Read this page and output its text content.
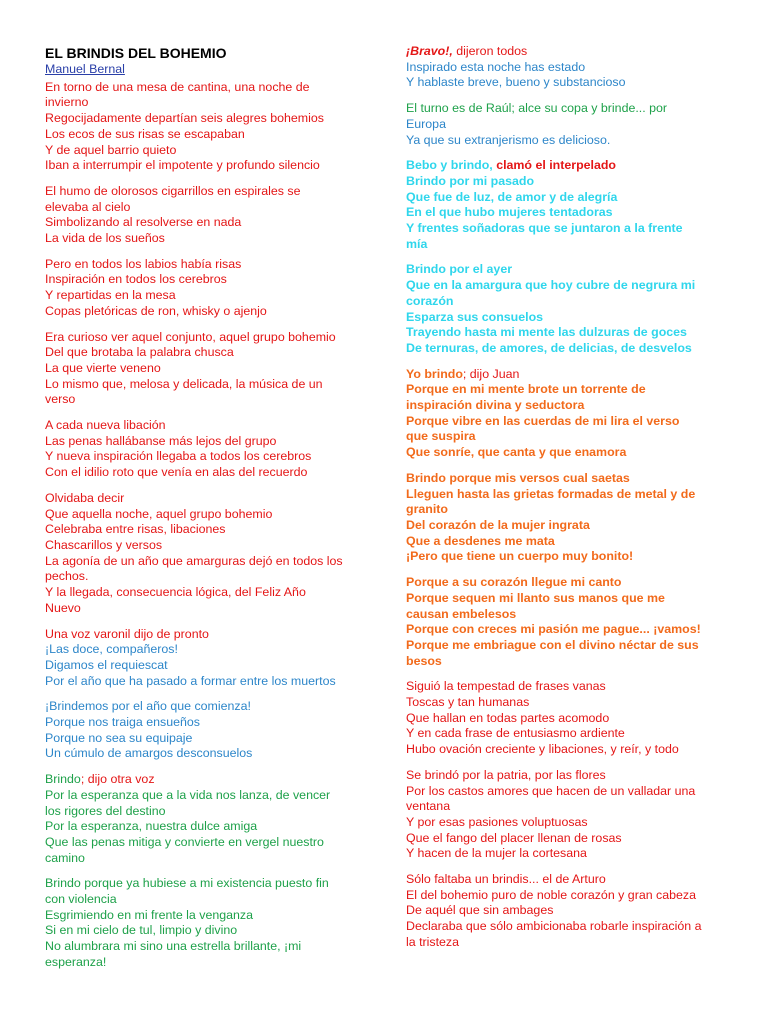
EL BRINDIS DEL BOHEMIO
Manuel Bernal
En torno de una mesa de cantina, una noche de
invierno
Regocijadamente departían seis alegres bohemios
Los ecos de sus risas se escapaban
Y de aquel barrio quieto
Iban a interrumpir el impotente y profundo silencio
El humo de olorosos cigarrillos en espirales se
elevaba al cielo
Simbolizando al resolverse en nada
La vida de los sueños
Pero en todos los labios había risas
Inspiración en todos los cerebros
Y repartidas en la mesa
Copas pletóricas de ron, whisky o ajenjo
Era curioso ver aquel conjunto, aquel grupo bohemio
Del que brotaba la palabra chusca
La que vierte veneno
Lo mismo que, melosa y delicada, la música de un
verso
A cada nueva libación
Las penas hallábanse más lejos del grupo
Y nueva inspiración llegaba a todos los cerebros
Con el idilio roto que venía en alas del recuerdo
Olvidaba decir
Que aquella noche, aquel grupo bohemio
Celebraba entre risas, libaciones
Chascarillos y versos
La agonía de un año que amarguras dejó en todos los
pechos.
Y la llegada, consecuencia lógica, del Feliz Año
Nuevo
Una voz varonil dijo de pronto
¡Las doce, compañeros!
Digamos el requiescat
Por el año que ha pasado a formar entre los muertos
¡Brindemos por el año que comienza!
Porque nos traiga ensueños
Porque no sea su equipaje
Un cúmulo de amargos desconsuelos
Brindo; dijo otra voz
Por la esperanza que a la vida nos lanza, de vencer
los rigores del destino
Por la esperanza, nuestra dulce amiga
Que las penas mitiga y convierte en vergel nuestro
camino
Brindo porque ya hubiese a mi existencia puesto fin
con violencia
Esgrimiendo en mi frente la venganza
Si en mi cielo de tul, limpio y divino
No alumbrara mi sino una estrella brillante, ¡mi
esperanza!
¡Bravo!, dijeron todos
Inspirado esta noche has estado
Y hablaste breve, bueno y substancioso
El turno es de Raúl; alce su copa y brinde... por
Europa
Ya que su extranjerismo es delicioso.
Bebo y brindo, clamó el interpelado
Brindo por mi pasado
Que fue de luz, de amor y de alegría
En el que hubo mujeres tentadoras
Y frentes soñadoras que se juntaron a la frente
mía
Brindo por el ayer
Que en la amargura que hoy cubre de negrura mi
corazón
Esparza sus consuelos
Trayendo hasta mi mente las dulzuras de goces
De ternuras, de amores, de delicias, de desvelos
Yo brindo; dijo Juan
Porque en mi mente brote un torrente de
inspiración divina y seductora
Porque vibre en las cuerdas de mi lira el verso
que suspira
Que sonríe, que canta y que enamora
Brindo porque mis versos cual saetas
Lleguen hasta las grietas formadas de metal y de
granito
Del corazón de la mujer ingrata
Que a desdenes me mata
¡Pero que tiene un cuerpo muy bonito!
Porque a su corazón llegue mi canto
Porque sequen mi llanto sus manos que me
causan embelesos
Porque con creces mi pasión me pague... ¡vamos!
Porque me embriague con el divino néctar de sus
besos
Siguió la tempestad de frases vanas
Toscas y tan humanas
Que hallan en todas partes acomodo
Y en cada frase de entusiasmo ardiente
Hubo ovación creciente y libaciones, y reír, y todo
Se brindó por la patria, por las flores
Por los castos amores que hacen de un valladar una
ventana
Y por esas pasiones voluptuosas
Que el fango del placer llenan de rosas
Y hacen de la mujer la cortesana
Sólo faltaba un brindis... el de Arturo
El del bohemio puro de noble corazón y gran cabeza
De aquél que sin ambages
Declaraba que sólo ambicionaba robarle inspiración a
la tristeza
